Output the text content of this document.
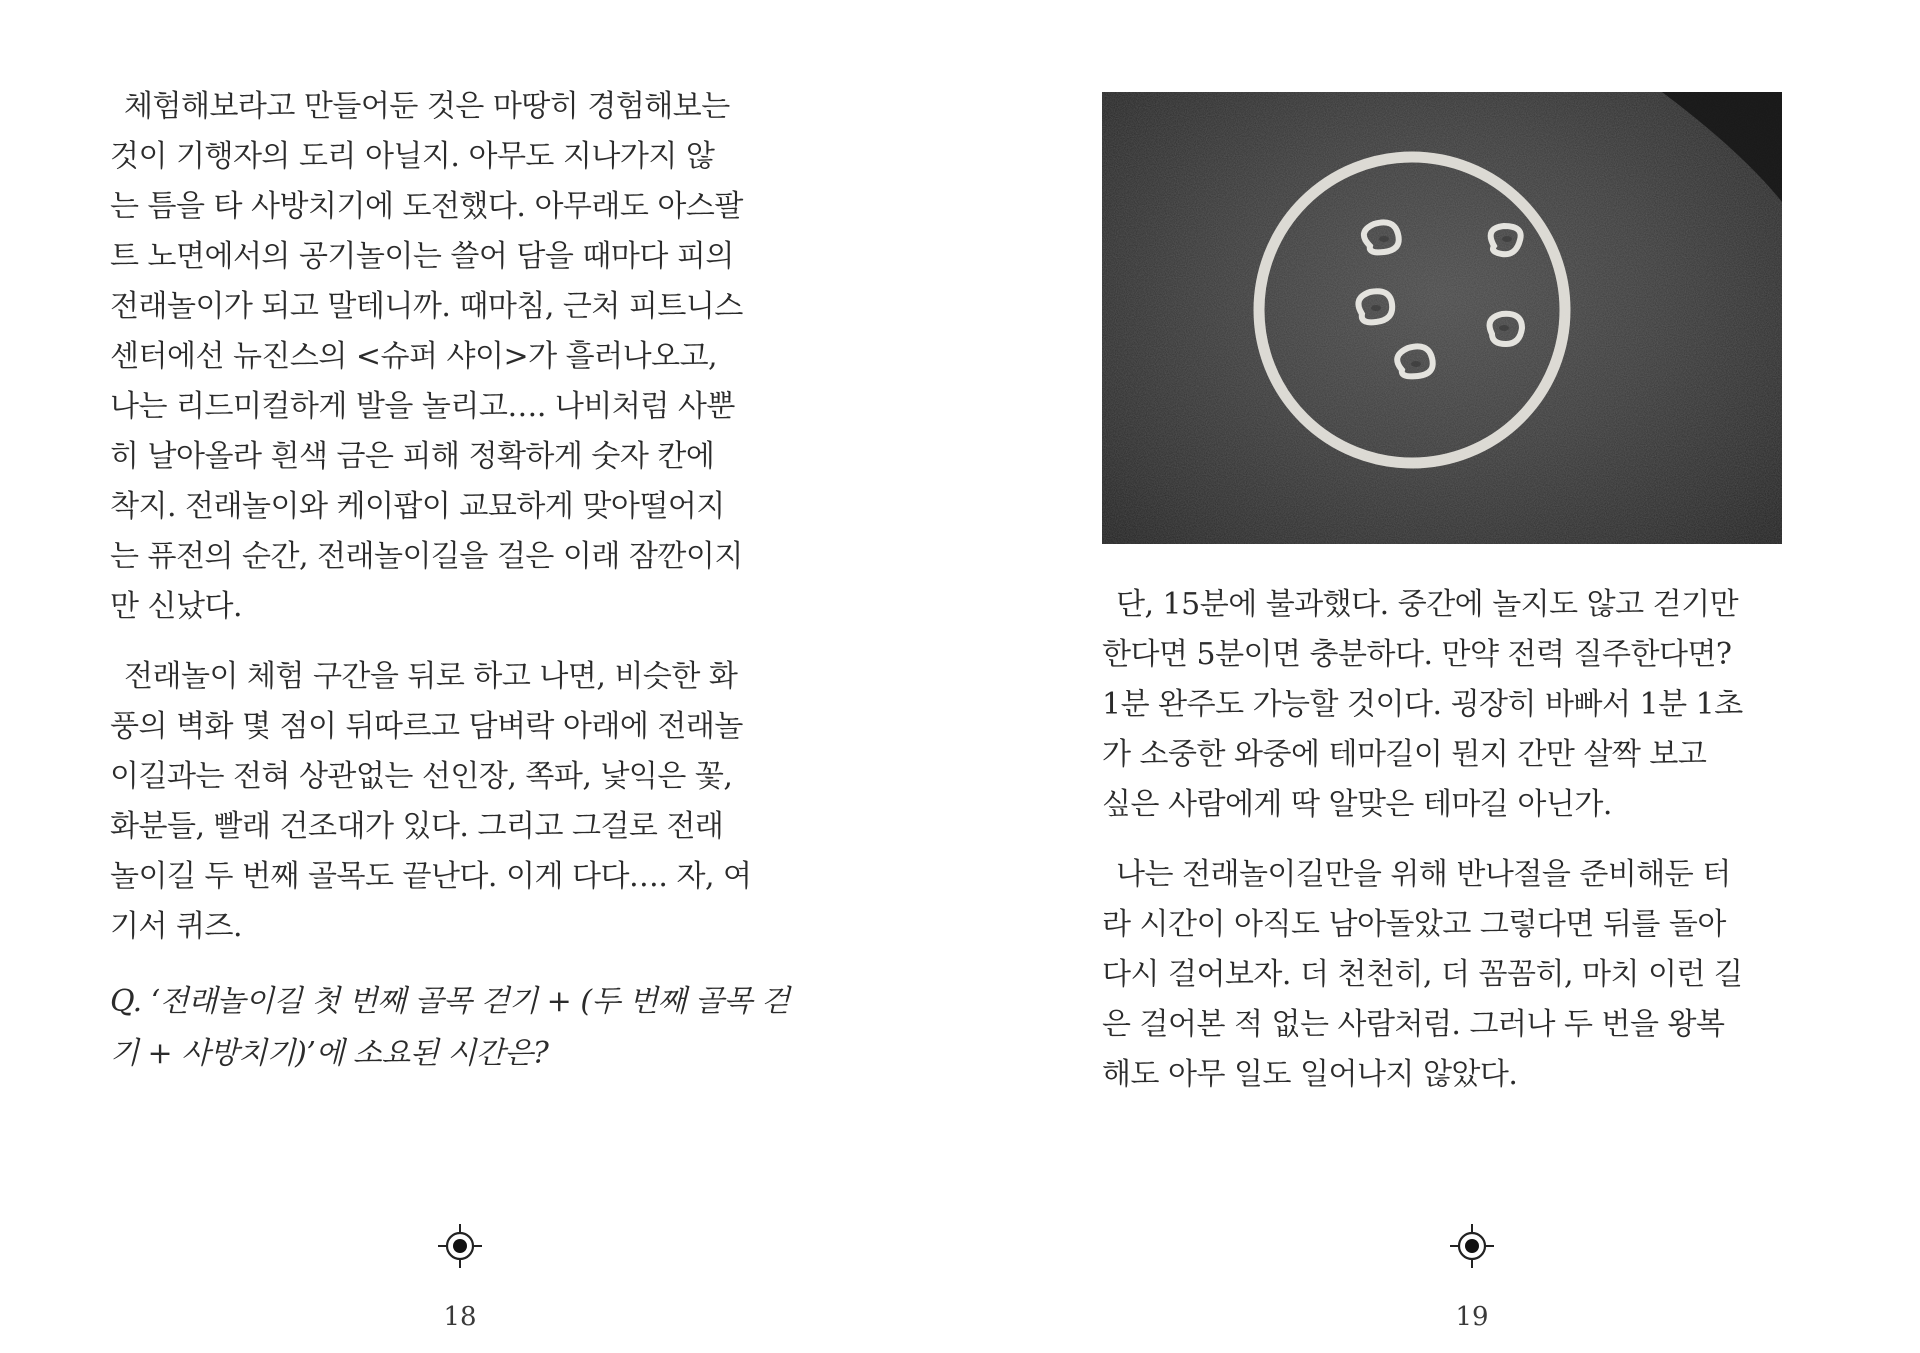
체험해보라고 만들어둔 것은 마땅히 경험해보는
것이 기행자의 도리 아닐지. 아무도 지나가지 않
는 틈을 타 사방치기에 도전했다. 아무래도 아스팔
트 노면에서의 공기놀이는 쓸어 담을 때마다 피의
전래놀이가 되고 말테니까. 때마침, 근처 피트니스
센터에선 뉴진스의 <슈퍼 샤이>가 흘러나오고,
나는 리드미컬하게 발을 놀리고…. 나비처럼 사뿐
히 날아올라 흰색 금은 피해 정확하게 숫자 칸에
착지. 전래놀이와 케이팝이 교묘하게 맞아떨어지
는 퓨전의 순간, 전래놀이길을 걸은 이래 잠깐이지
만 신났다.

전래놀이 체험 구간을 뒤로 하고 나면, 비슷한 화
풍의 벽화 몇 점이 뒤따르고 담벼락 아래에 전래놀
이길과는 전혀 상관없는 선인장, 쪽파, 낯익은 꽃,
화분들, 빨래 건조대가 있다. 그리고 그걸로 전래
놀이길 두 번째 골목도 끝난다. 이게 다다…. 자, 여
기서 퀴즈.

Q. ‘전래놀이길 첫 번째 골목 걷기 + (두 번째 골목 걷
기 + 사방치기)’에 소요된 시간은?
18

단, 15분에 불과했다. 중간에 놀지도 않고 걷기만
한다면 5분이면 충분하다. 만약 전력 질주한다면?
1분 완주도 가능할 것이다. 굉장히 바빠서 1분 1초
가 소중한 와중에 테마길이 뭔지 간만 살짝 보고
싶은 사람에게 딱 알맞은 테마길 아닌가.

나는 전래놀이길만을 위해 반나절을 준비해둔 터
라 시간이 아직도 남아돌았고 그렇다면 뒤를 돌아
다시 걸어보자. 더 천천히, 더 꼼꼼히, 마치 이런 길
은 걸어본 적 없는 사람처럼. 그러나 두 번을 왕복
해도 아무 일도 일어나지 않았다.

19
